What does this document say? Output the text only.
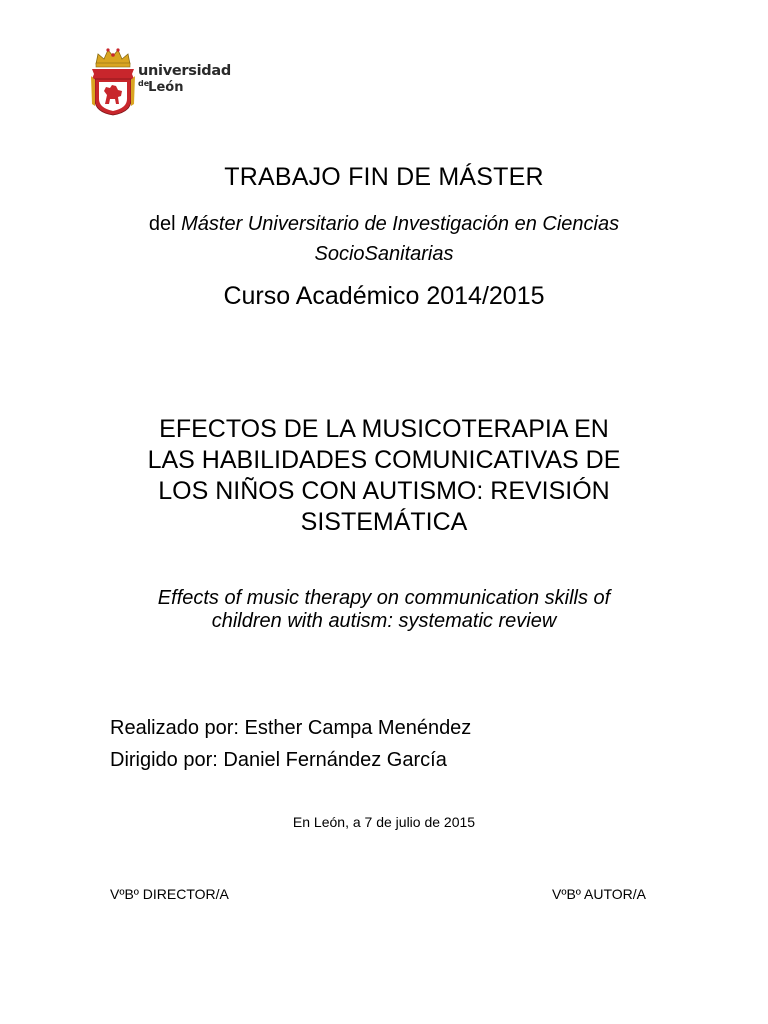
universidad
$^{de}$León
TRABAJO FIN DE MÁSTER
del Máster Universitario de Investigación en Ciencias
SocioSanitarias
Curso Académico 2014/2015
EFECTOS DE LA MUSICOTERAPIA EN
LAS HABILIDADES COMUNICATIVAS DE
LOS NIÑOS CON AUTISMO: REVISIÓN
SISTEMÁTICA
Effects of music therapy on communication skills of
children with autism: systematic review
Realizado por: Esther Campa Menéndez
Dirigido por: Daniel Fernández García
En León, a 7 de julio de 2015
VºBº DIRECTOR/A	VºBº AUTOR/A
